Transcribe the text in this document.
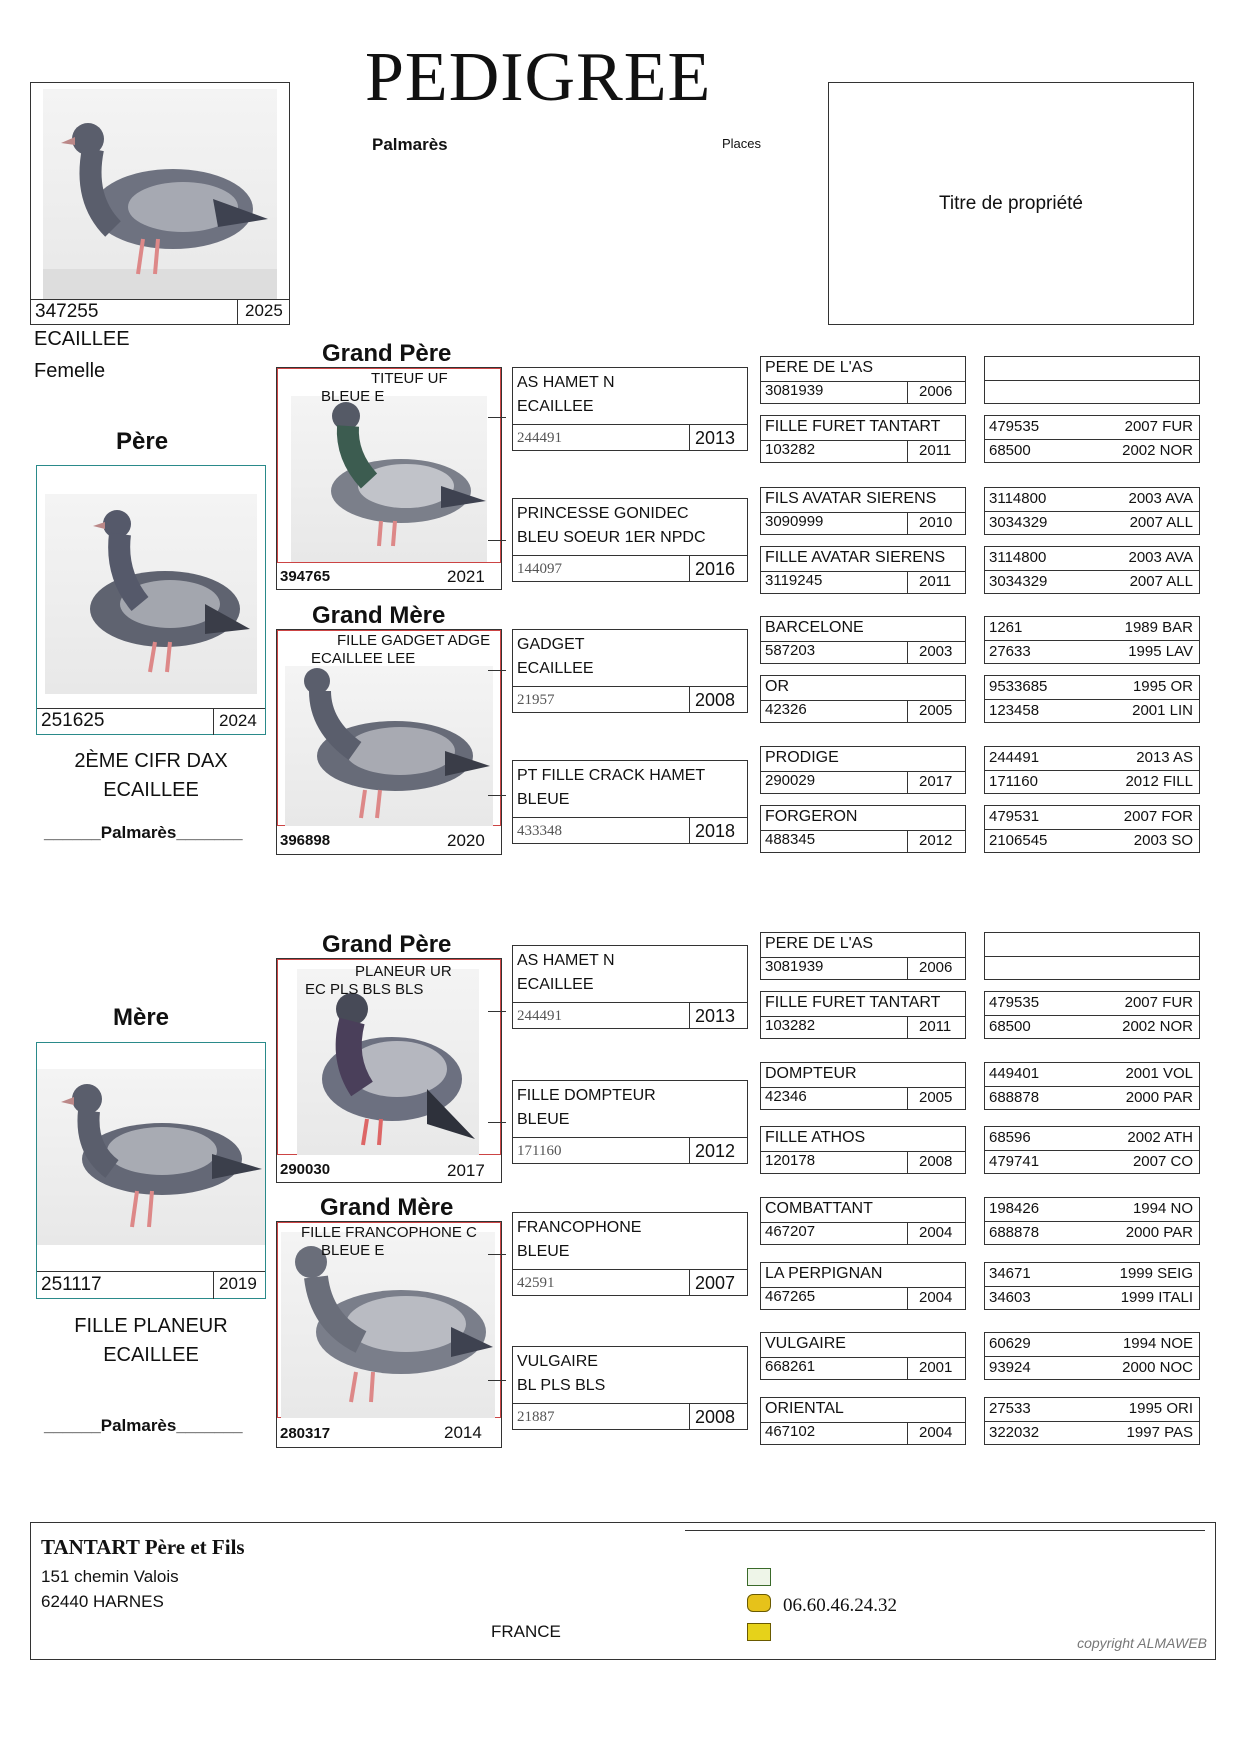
PEDIGREE
Palmarès	Places
Titre de propriété
347255	2025
ECAILLEE
Femelle
Père
251625	2024
2ÈME CIFR DAX
ECAILLEE
______Palmarès_______
Mère
251117	2019
FILLE PLANEUR
ECAILLEE
______Palmarès_______
Grand Père
TITEUF UF
BLEUE E
394765	2021
Grand Mère
FILLE GADGET ADGE
ECAILLEE LEE
396898	2020
Grand Père
PLANEUR UR
EC PLS BLS BLS
290030	2017
Grand Mère
FILLE FRANCOPHONE C
BLEUE E
280317	2014
AS HAMET N
ECAILLEE
244491	2013
PRINCESSE GONIDEC
BLEU SOEUR 1ER NPDC
144097	2016
GADGET
ECAILLEE
21957	2008
PT FILLE CRACK HAMET
BLEUE
433348	2018
AS HAMET N
ECAILLEE
244491	2013
FILLE DOMPTEUR
BLEUE
171160	2012
FRANCOPHONE
BLEUE
42591	2007
VULGAIRE
BL PLS BLS
21887	2008
PERE DE L'AS
3081939	2006
FILLE FURET TANTART
103282	2011
FILS AVATAR SIERENS
3090999	2010
FILLE AVATAR SIERENS
3119245	2011
BARCELONE
587203	2003
OR
42326	2005
PRODIGE
290029	2017
FORGERON
488345	2012
PERE DE L'AS
3081939	2006
FILLE FURET TANTART
103282	2011
DOMPTEUR
42346	2005
FILLE ATHOS
120178	2008
COMBATTANT
467207	2004
LA PERPIGNAN
467265	2004
VULGAIRE
668261	2001
ORIENTAL
467102	2004
479535	2007 FUR
68500	2002 NOR
3114800	2003 AVA
3034329	2007 ALL
3114800	2003 AVA
3034329	2007 ALL
1261	1989 BAR
27633	1995 LAV
9533685	1995 OR
123458	2001 LIN
244491	2013 AS
171160	2012 FILL
479531	2007 FOR
2106545	2003 SO
479535	2007 FUR
68500	2002 NOR
449401	2001 VOL
688878	2000 PAR
68596	2002 ATH
479741	2007 CO
198426	1994 NO
688878	2000 PAR
34671	1999 SEIG
34603	1999 ITALI
60629	1994 NOE
93924	2000 NOC
27533	1995 ORI
322032	1997 PAS
TANTART Père et Fils
151 chemin Valois
62440 HARNES
FRANCE
06.60.46.24.32
copyright ALMAWEB
